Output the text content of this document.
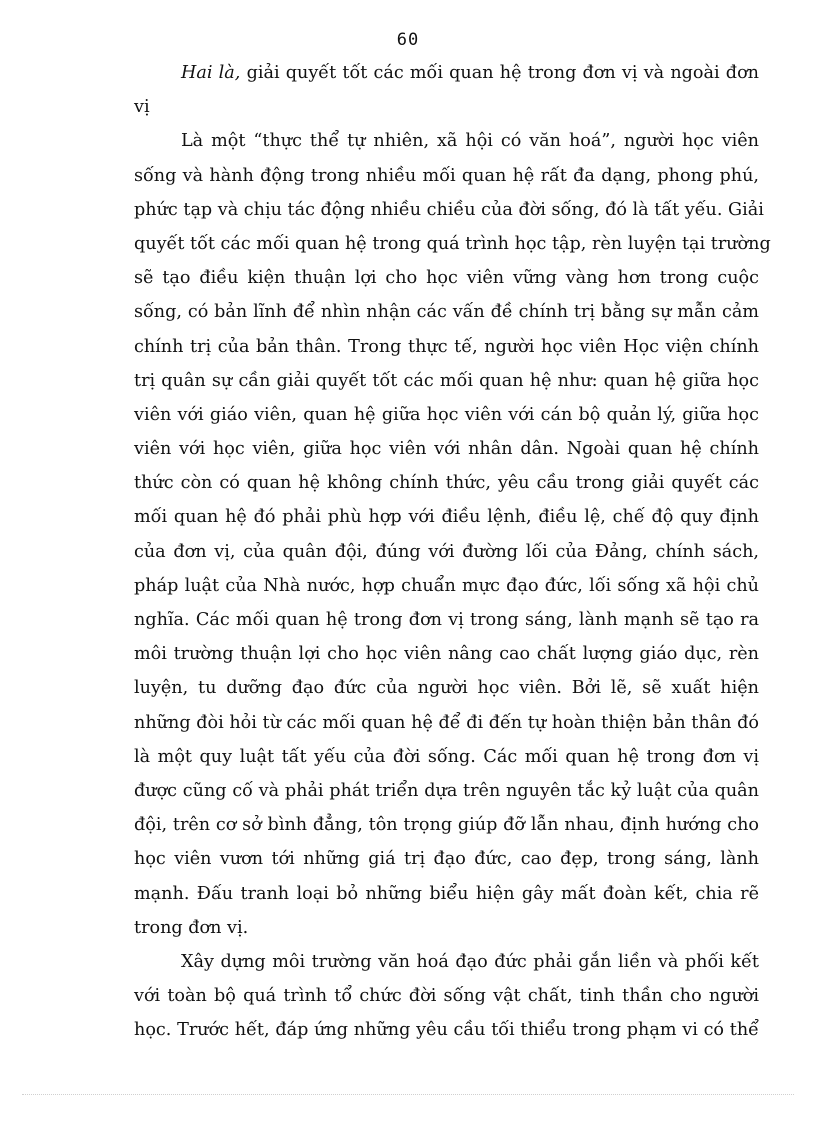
60
Hai là, giải quyết tốt các mối quan hệ trong đơn vị và ngoài đơn
vị
Là một “thực thể tự nhiên, xã hội có văn hoá”, người học viên
sống và hành động trong nhiều mối quan hệ rất đa dạng, phong phú,
phức tạp và chịu tác động nhiều chiều của đời sống, đó là tất yếu. Giải
quyết tốt các mối quan hệ trong quá trình học tập, rèn luyện tại trường
sẽ tạo điều kiện thuận lợi cho học viên vững vàng hơn trong cuộc
sống, có bản lĩnh để nhìn nhận các vấn đề chính trị bằng sự mẫn cảm
chính trị của bản thân. Trong thực tế, người học viên Học viện chính
trị quân sự cần giải quyết tốt các mối quan hệ như: quan hệ giữa học
viên với giáo viên, quan hệ giữa học viên với cán bộ quản lý, giữa học
viên với học viên, giữa học viên với nhân dân. Ngoài quan hệ chính
thức còn có quan hệ không chính thức, yêu cầu trong giải quyết các
mối quan hệ đó phải phù hợp với điều lệnh, điều lệ, chế độ quy định
của đơn vị, của quân đội, đúng với đường lối của Đảng, chính sách,
pháp luật của Nhà nước, hợp chuẩn mực đạo đức, lối sống xã hội chủ
nghĩa. Các mối quan hệ trong đơn vị trong sáng, lành mạnh sẽ tạo ra
môi trường thuận lợi cho học viên nâng cao chất lượng giáo dục, rèn
luyện, tu dưỡng đạo đức của người học viên. Bởi lẽ, sẽ xuất hiện
những đòi hỏi từ các mối quan hệ để đi đến tự hoàn thiện bản thân đó
là một quy luật tất yếu của đời sống. Các mối quan hệ trong đơn vị
được cũng cố và phải phát triển dựa trên nguyên tắc kỷ luật của quân
đội, trên cơ sở bình đẳng, tôn trọng giúp đỡ lẫn nhau, định hướng cho
học viên vươn tới những giá trị đạo đức, cao đẹp, trong sáng, lành
mạnh. Đấu tranh loại bỏ những biểu hiện gây mất đoàn kết, chia rẽ
trong đơn vị.
Xây dựng môi trường văn hoá đạo đức phải gắn liền và phối kết
với toàn bộ quá trình tổ chức đời sống vật chất, tinh thần cho người
học. Trước hết, đáp ứng những yêu cầu tối thiểu trong phạm vi có thể
